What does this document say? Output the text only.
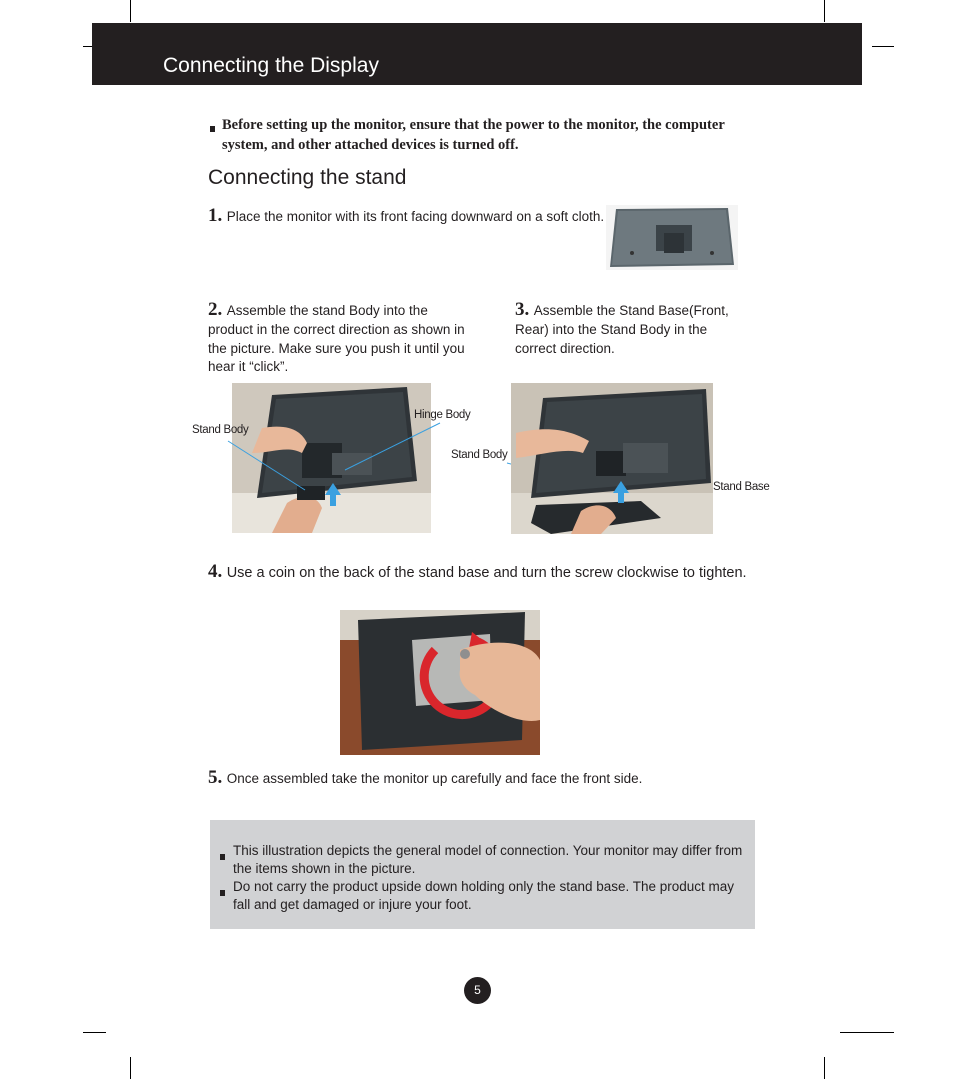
Connecting the Display
Before setting up the monitor, ensure that the power to the monitor, the computer system, and other attached devices is turned off.
Connecting the stand
1. Place the monitor with its front facing downward on a soft cloth.
2. Assemble the stand Body into the product in the correct direction as shown in the picture. Make sure you push it until you hear it “click”.
3. Assemble the Stand Base(Front, Rear) into the Stand Body in the correct direction.
Stand Body
Hinge Body
Stand Body
Stand Base
4. Use a coin on the back of the stand base and turn the screw clockwise to tighten.
5. Once assembled take the monitor up carefully and face the front side.
This illustration depicts the general model of connection. Your monitor may differ from the items shown in the picture.
Do not carry the product upside down holding only the stand base. The product may fall and get damaged or injure your foot.
5
